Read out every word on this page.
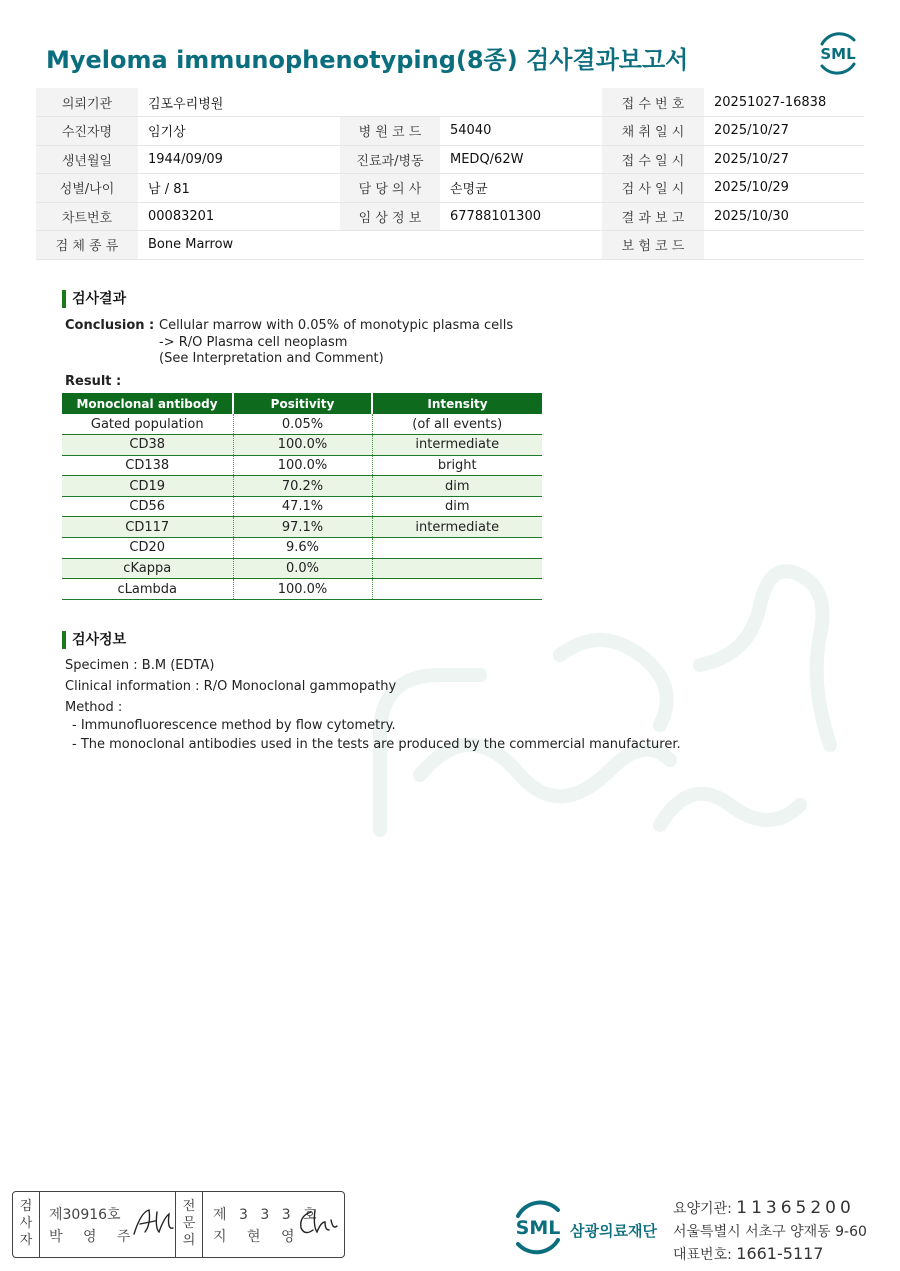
Myeloma immunophenotyping(8종) 검사결과보고서	SML
의뢰기관	김포우리병원			접 수 번 호	20251027-16838
수진자명	임기상	병 원 코 드	54040	채 취 일 시	2025/10/27
생년월일	1944/09/09	진료과/병동	MEDQ/62W	접 수 일 시	2025/10/27
성별/나이	남 / 81	담 당 의 사	손명균	검 사 일 시	2025/10/29
차트번호	00083201	임 상 정 보	67788101300	결 과 보 고	2025/10/30
검 체 종 류	Bone Marrow			보 험 코 드	
검사결과
Conclusion : Cellular marrow with 0.05% of monotypic plasma cells
-> R/O Plasma cell neoplasm
(See Interpretation and Comment)
Result :
Monoclonal antibody	Positivity	Intensity
Gated population	0.05%	(of all events)
CD38	100.0%	intermediate
CD138	100.0%	bright
CD19	70.2%	dim
CD56	47.1%	dim
CD117	97.1%	intermediate
CD20	9.6%	
cKappa	0.0%	
cLambda	100.0%	
검사정보
Specimen : B.M (EDTA)
Clinical information : R/O Monoclonal gammopathy
Method :
- Immunofluorescence method by flow cytometry.
- The monoclonal antibodies used in the tests are produced by the commercial manufacturer.
검
사
자
제30916호
박 영 주
전
문
의
제 3 3 3 호
지 현 영	SML 삼광의료재단
요양기관: 11365200
서울특별시 서초구 양재동 9-60
대표번호: 1661-5117
